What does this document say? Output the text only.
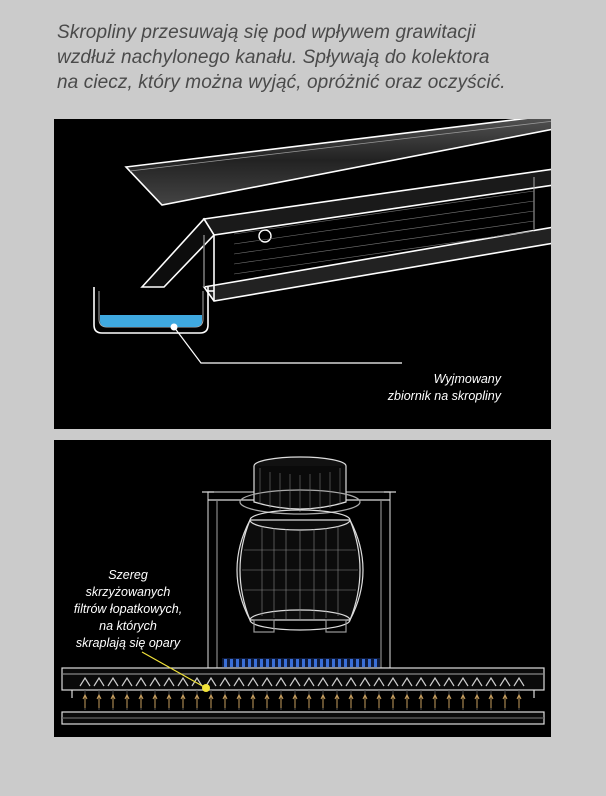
Skropliny przesuwają się pod wpływem grawitacji
wzdłuż nachylonego kanału. Spływają do kolektora
na ciecz, który można wyjąć, opróżnić oraz oczyścić.
Wyjmowany
zbiornik na skropliny
Szereg
skrzyżowanych
filtrów łopatkowych,
na których
skraplają się opary
